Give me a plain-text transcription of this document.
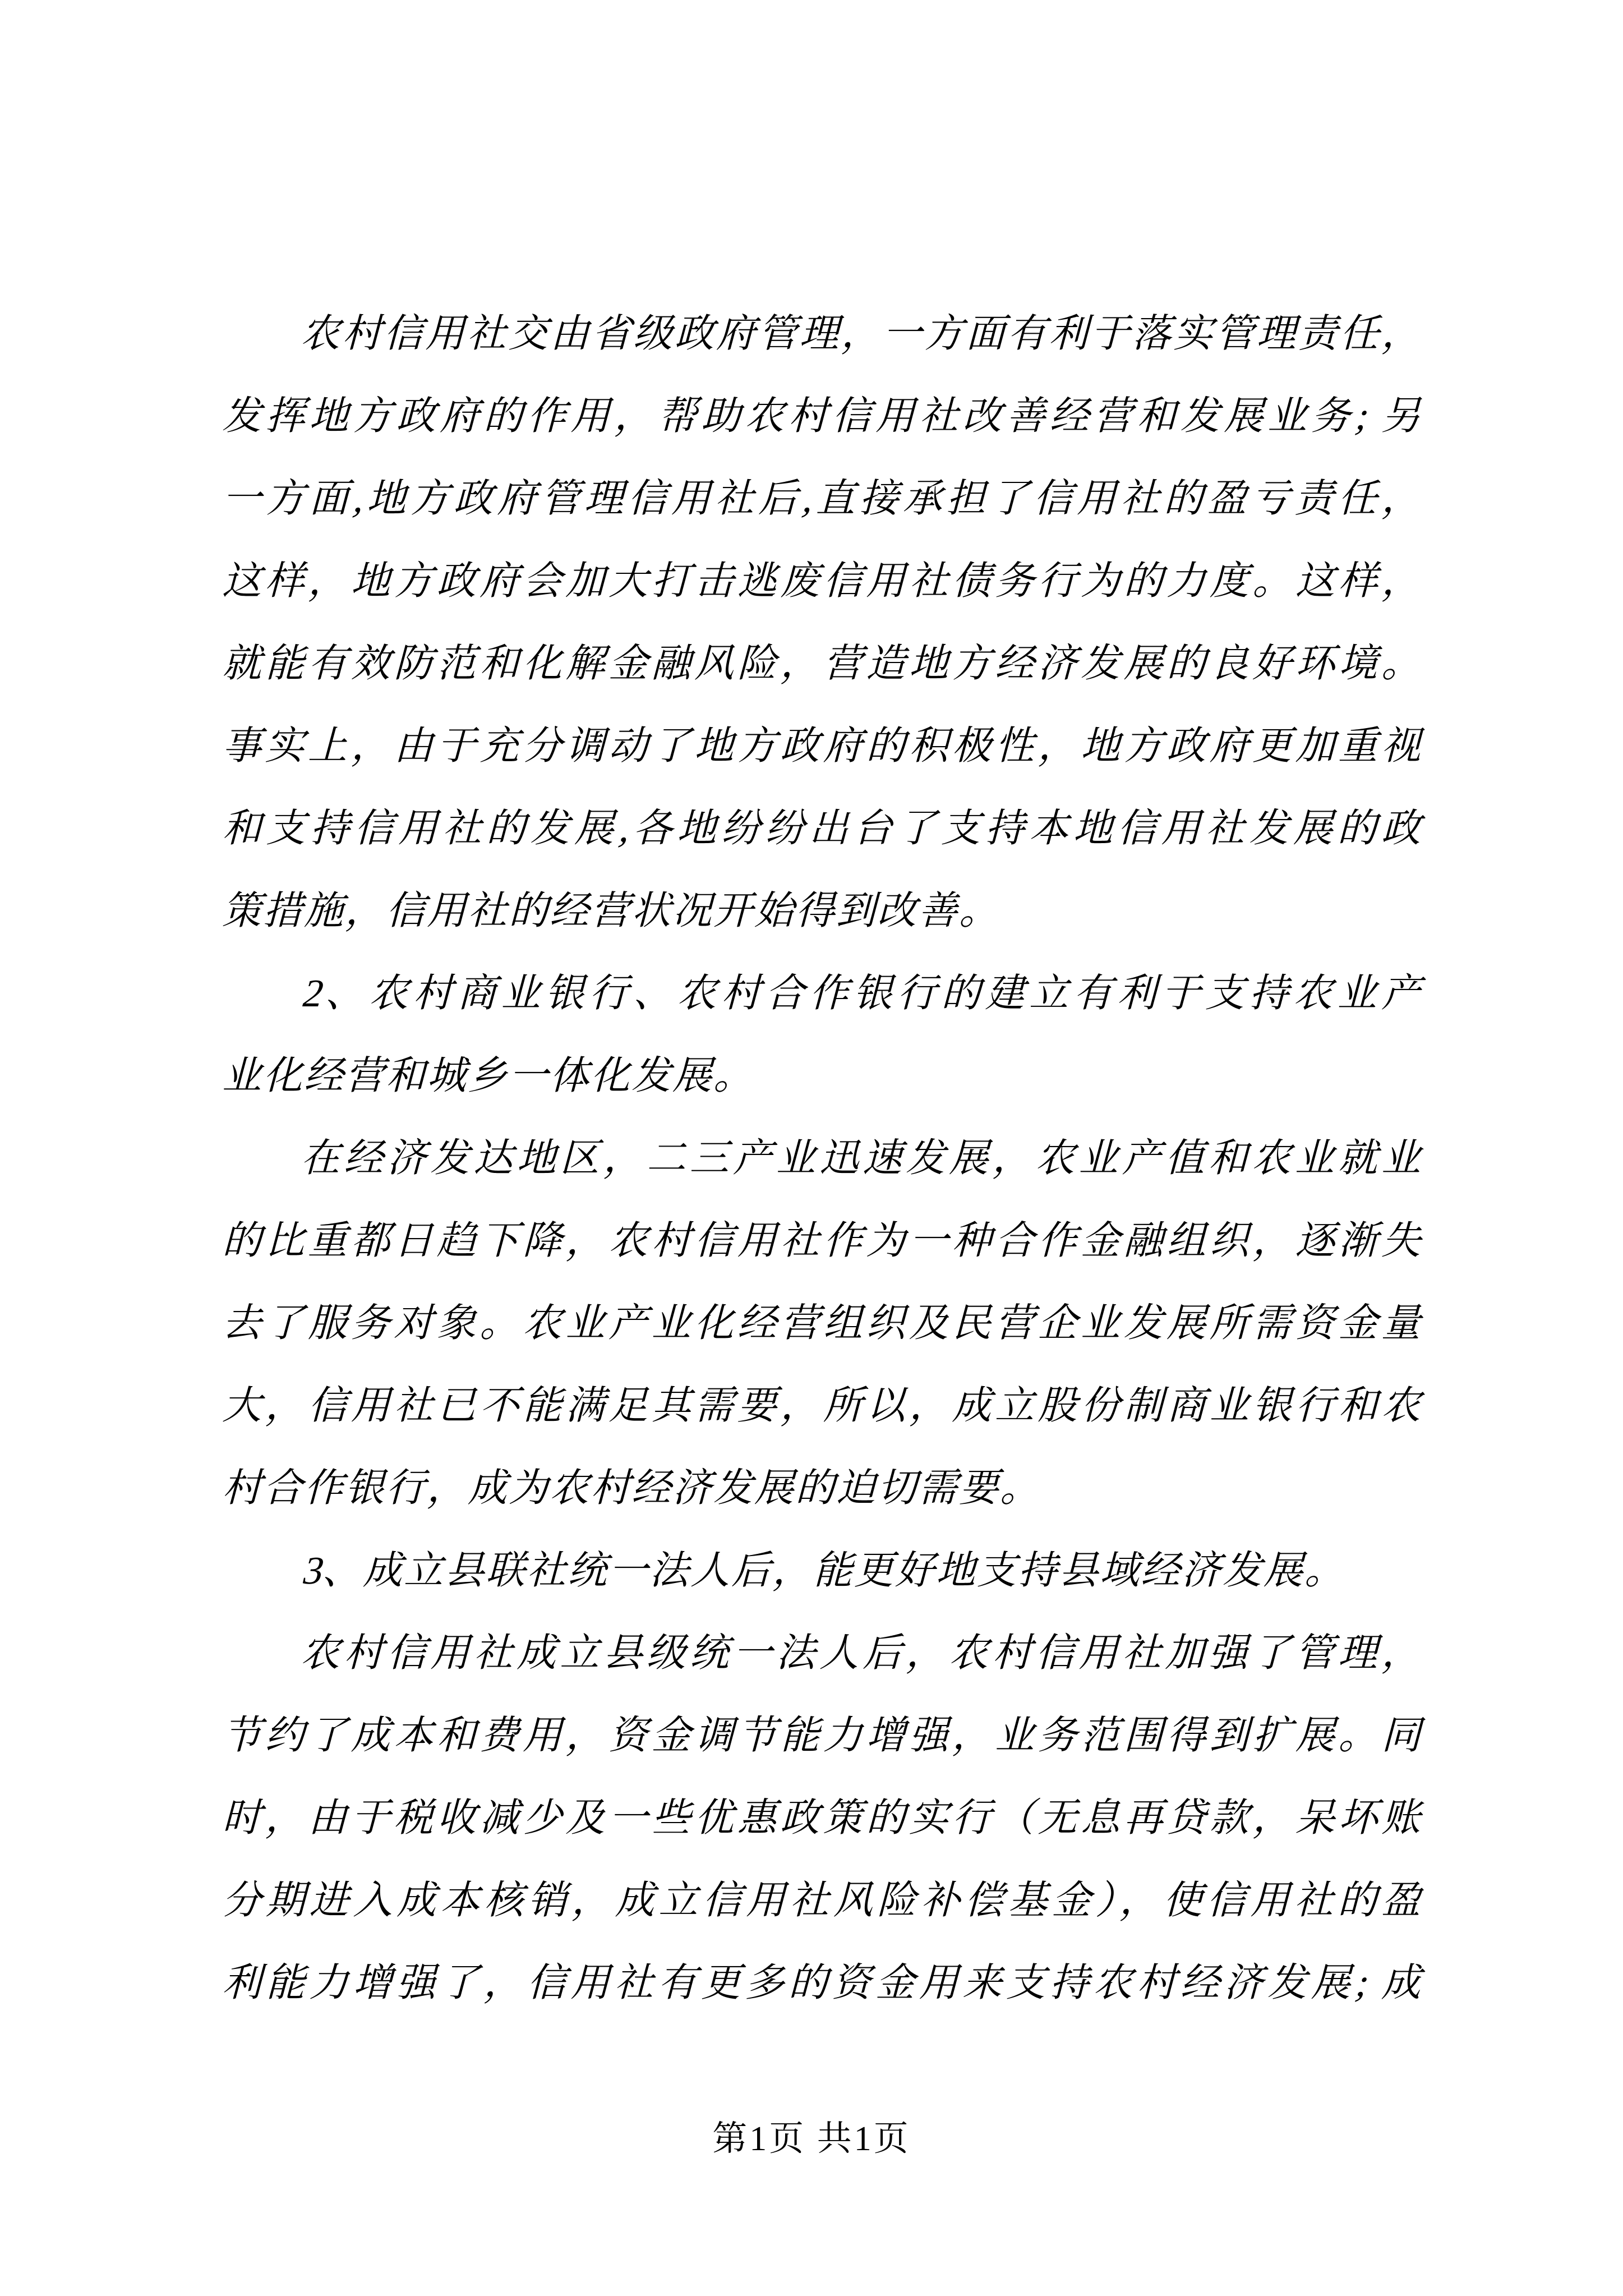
农村信用社交由省级政府管理，一方面有利于落实管理责任，
发挥地方政府的作用，帮助农村信用社改善经营和发展业务; 另
一方面,地方政府管理信用社后,直接承担了信用社的盈亏责任，
这样，地方政府会加大打击逃废信用社债务行为的力度。这样，
就能有效防范和化解金融风险，营造地方经济发展的良好环境。
事实上，由于充分调动了地方政府的积极性，地方政府更加重视
和支持信用社的发展,各地纷纷出台了支持本地信用社发展的政
策措施，信用社的经营状况开始得到改善。
2、农村商业银行、农村合作银行的建立有利于支持农业产
业化经营和城乡一体化发展。
在经济发达地区，二三产业迅速发展，农业产值和农业就业
的比重都日趋下降，农村信用社作为一种合作金融组织，逐渐失
去了服务对象。农业产业化经营组织及民营企业发展所需资金量
大，信用社已不能满足其需要，所以，成立股份制商业银行和农
村合作银行，成为农村经济发展的迫切需要。
3、成立县联社统一法人后，能更好地支持县域经济发展。
农村信用社成立县级统一法人后，农村信用社加强了管理，
节约了成本和费用，资金调节能力增强，业务范围得到扩展。同
时，由于税收减少及一些优惠政策的实行（无息再贷款，呆坏账
分期进入成本核销，成立信用社风险补偿基金），使信用社的盈
利能力增强了，信用社有更多的资金用来支持农村经济发展; 成
第1页 共1页
